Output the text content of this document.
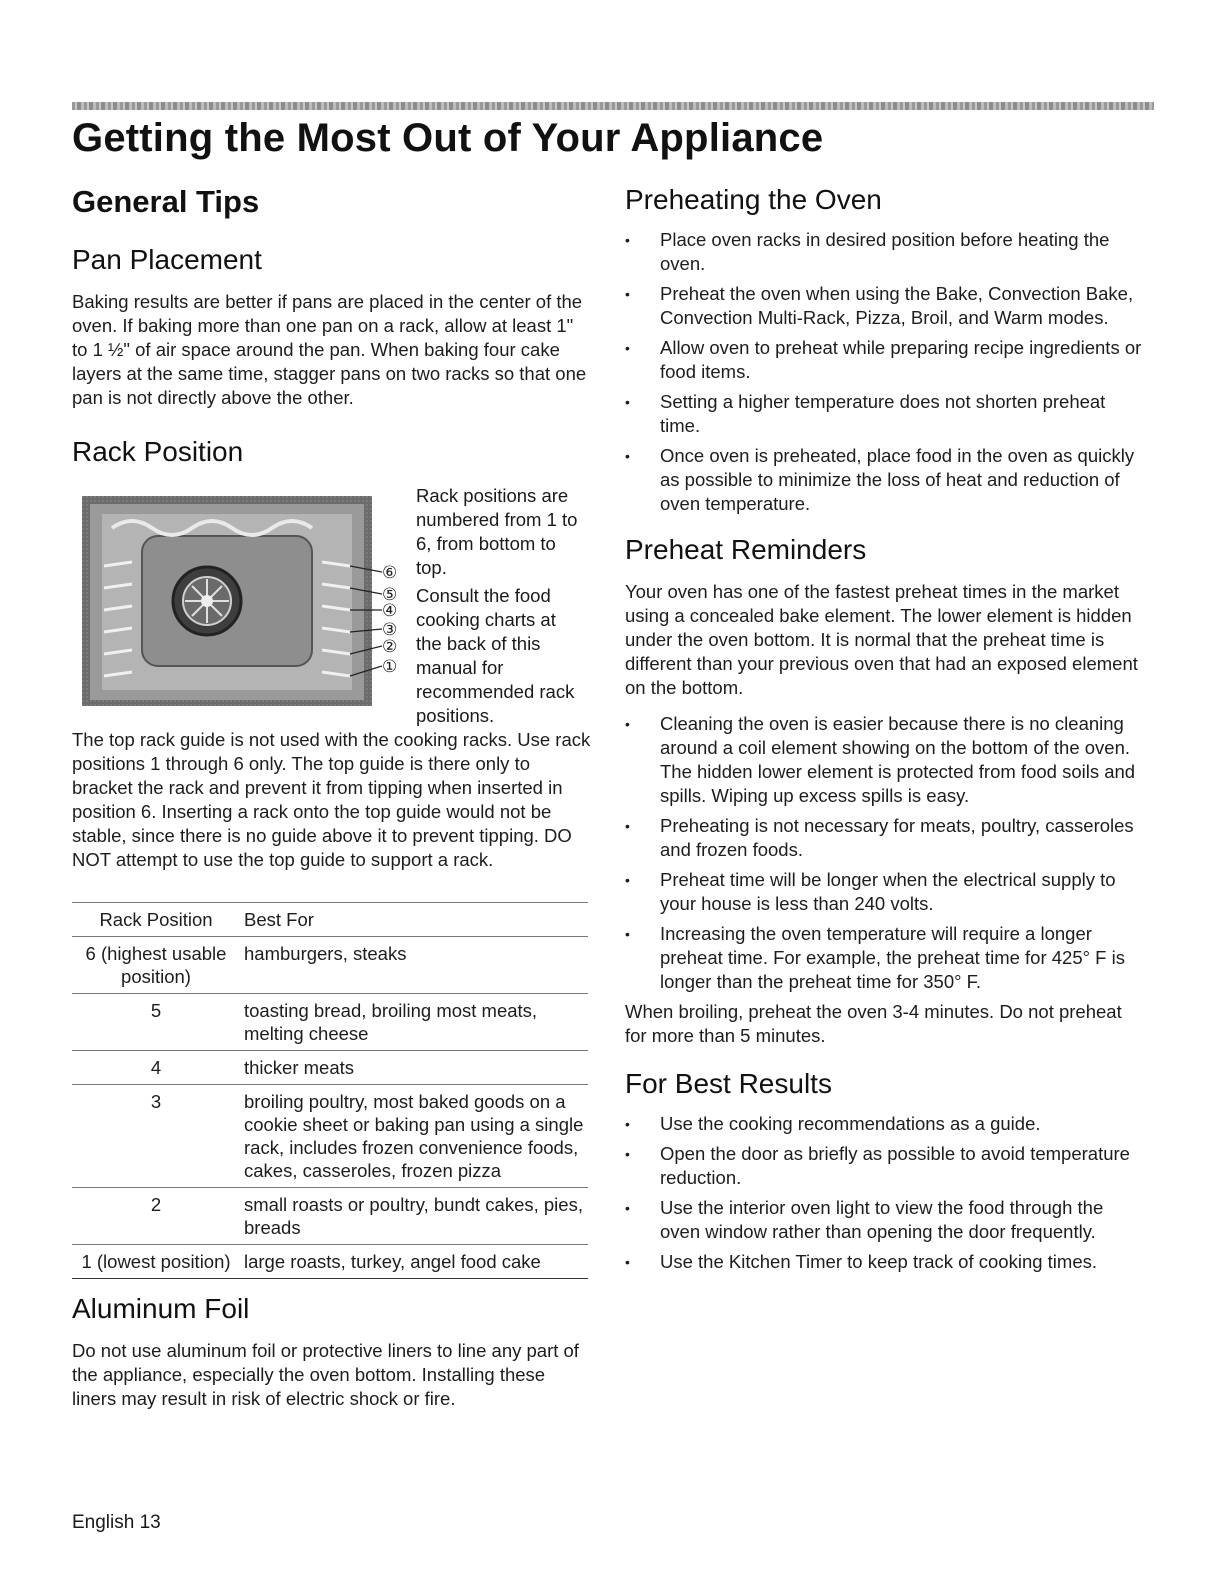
Getting the Most Out of Your Appliance
General Tips
Pan Placement

Baking results are better if pans are placed in the center of the oven. If baking more than one pan on a rack, allow at least 1" to 1 ½" of air space around the pan. When baking four cake layers at the same time, stagger pans on two racks so that one pan is not directly above the other.

Rack Position
⑥
⑤
④
③
②
①

Rack positions are numbered from 1 to 6, from bottom to top.

Consult the food cooking charts at the back of this manual for recommended rack positions.

The top rack guide is not used with the cooking racks. Use rack positions 1 through 6 only. The top guide is there only to bracket the rack and prevent it from tipping when inserted in position 6. Inserting a rack onto the top guide would not be stable, since there is no guide above it to prevent tipping. DO NOT attempt to use the top guide to support a rack.

Rack Position	Best For
6 (highest usable position)	hamburgers, steaks
5	toasting bread, broiling most meats, melting cheese
4	thicker meats
3	broiling poultry, most baked goods on a cookie sheet or baking pan using a single rack, includes frozen convenience foods, cakes, casseroles, frozen pizza
2	small roasts or poultry, bundt cakes, pies, breads
1 (lowest position)	large roasts, turkey, angel food cake
Aluminum Foil

Do not use aluminum foil or protective liners to line any part of the appliance, especially the oven bottom. Installing these liners may result in risk of electric shock or fire.

Preheating the Oven
• Place oven racks in desired position before heating the oven.
• Preheat the oven when using the Bake, Convection Bake, Convection Multi-Rack, Pizza, Broil, and Warm modes.
• Allow oven to preheat while preparing recipe ingredients or food items.
• Setting a higher temperature does not shorten preheat time.
• Once oven is preheated, place food in the oven as quickly as possible to minimize the loss of heat and reduction of oven temperature.
Preheat Reminders

Your oven has one of the fastest preheat times in the market using a concealed bake element. The lower element is hidden under the oven bottom. It is normal that the preheat time is different than your previous oven that had an exposed element on the bottom.

• Cleaning the oven is easier because there is no cleaning around a coil element showing on the bottom of the oven. The hidden lower element is protected from food soils and spills. Wiping up excess spills is easy.
• Preheating is not necessary for meats, poultry, casseroles and frozen foods.
• Preheat time will be longer when the electrical supply to your house is less than 240 volts.
• Increasing the oven temperature will require a longer preheat time. For example, the preheat time for 425° F is longer than the preheat time for 350° F.

When broiling, preheat the oven 3-4 minutes. Do not preheat for more than 5 minutes.

For Best Results
• Use the cooking recommendations as a guide.
• Open the door as briefly as possible to avoid temperature reduction.
• Use the interior oven light to view the food through the oven window rather than opening the door frequently.
• Use the Kitchen Timer to keep track of cooking times.
English 13
